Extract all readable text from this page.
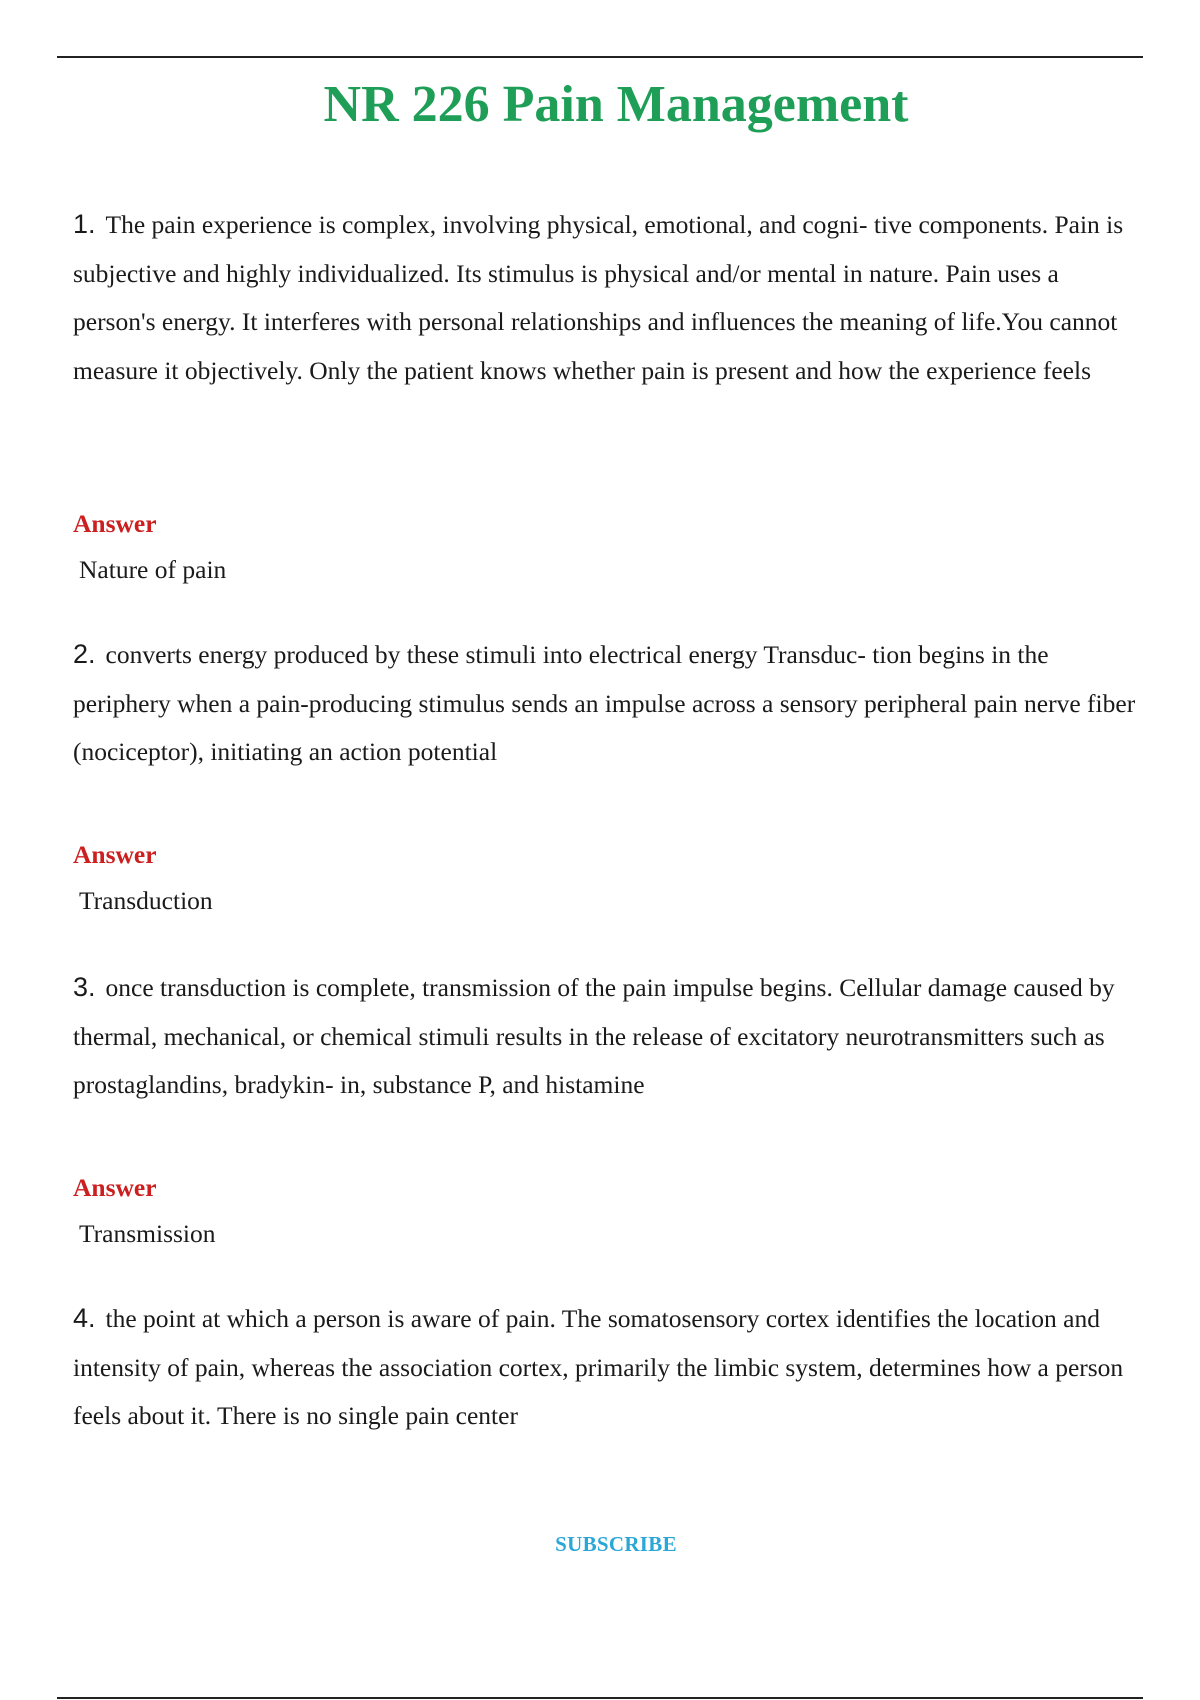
NR 226 Pain Management

1. The pain experience is complex, involving physical, emotional, and cogni- tive components. Pain is subjective and highly individualized. Its stimulus is physical and/or mental in nature. Pain uses a person's energy. It interferes with personal relationships and influences the meaning of life.You cannot measure it objectively. Only the patient knows whether pain is present and how the experience feels

Answer

Nature of pain

2. converts energy produced by these stimuli into electrical energy Transduc- tion begins in the periphery when a pain-producing stimulus sends an impulse across a sensory peripheral pain nerve fiber (nociceptor), initiating an action potential

Answer

Transduction

3. once transduction is complete, transmission of the pain impulse begins. Cellular damage caused by thermal, mechanical, or chemical stimuli results in the release of excitatory neurotransmitters such as prostaglandins, bradykin- in, substance P, and histamine

Answer

Transmission

4. the point at which a person is aware of pain. The somatosensory cortex identifies the location and intensity of pain, whereas the association cortex, primarily the limbic system, determines how a person feels about it. There is no single pain center

SUBSCRIBE
